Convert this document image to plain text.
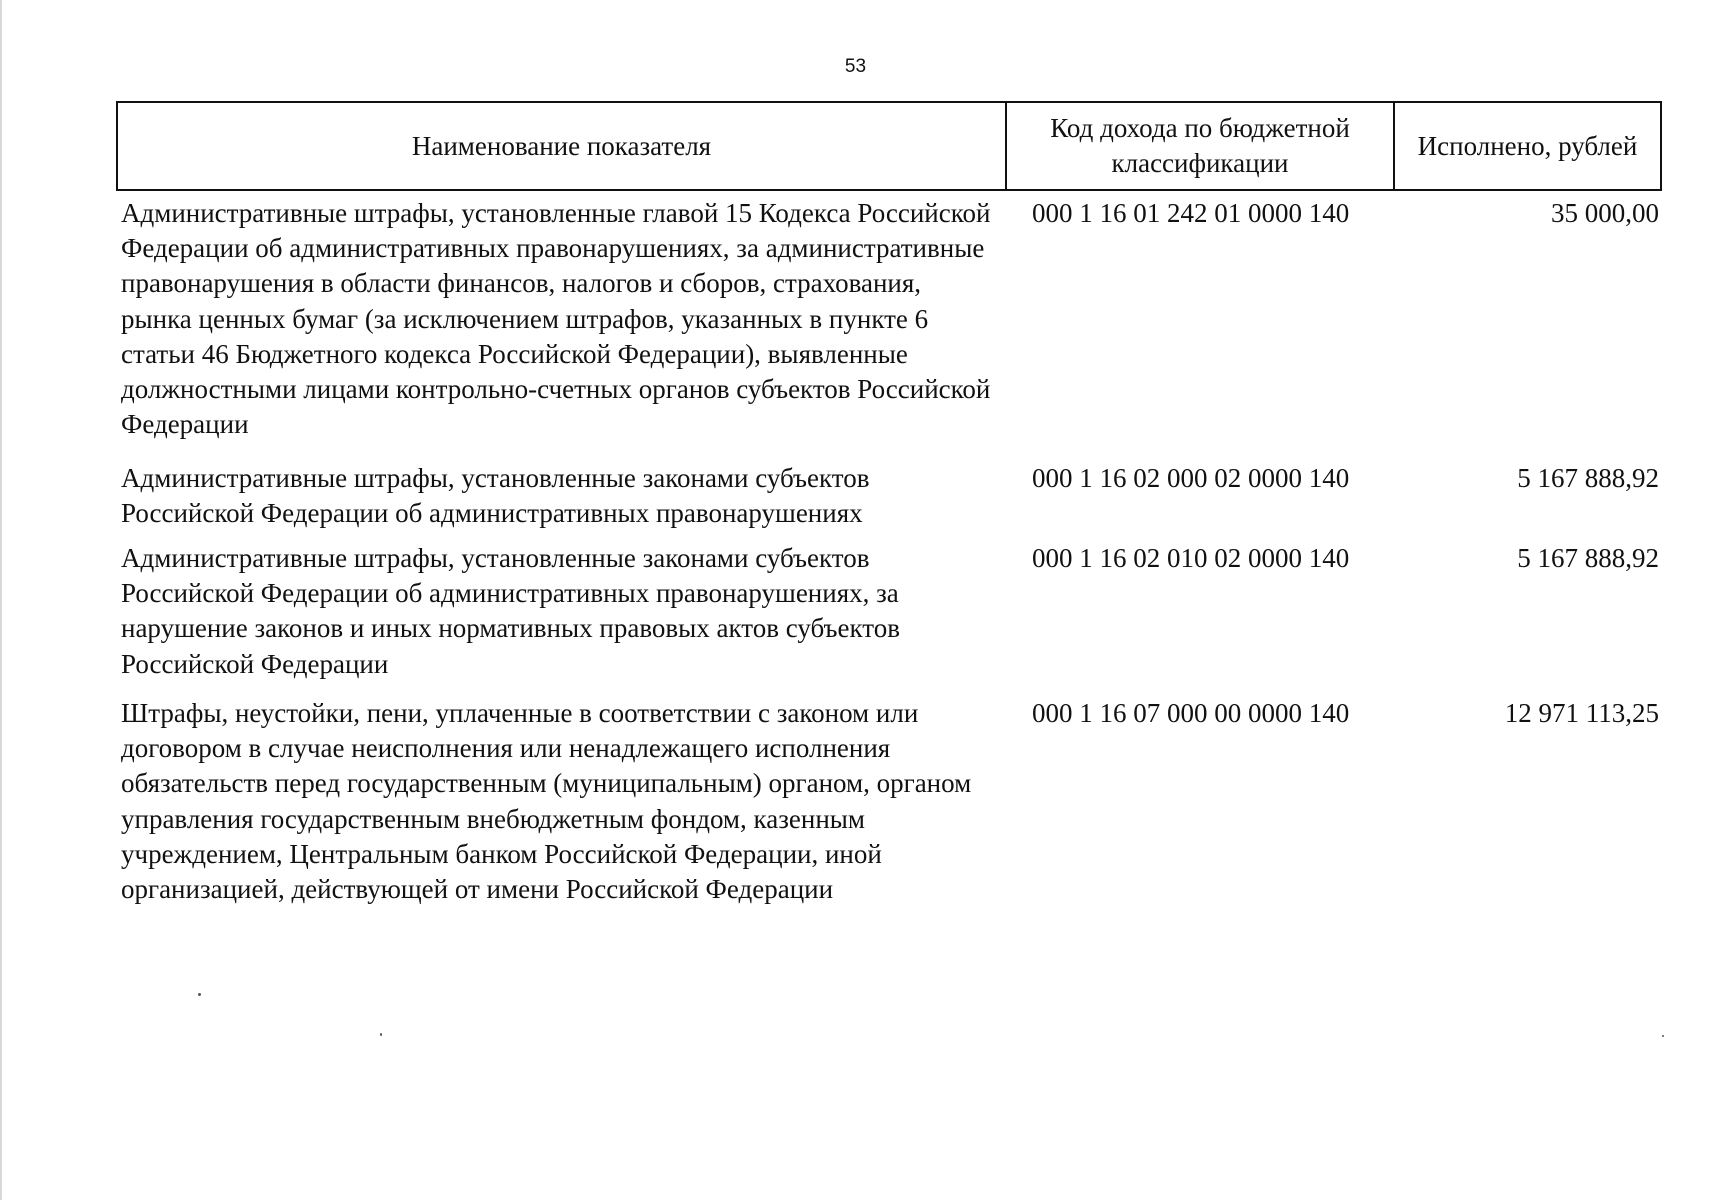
53
Наименование показателя	Код дохода по бюджетной классификации	Исполнено, рублей
Административные штрафы, установленные главой 15 Кодекса Российской Федерации об административных правонарушениях, за административные правонарушения в области финансов, налогов и сборов, страхования, рынка ценных бумаг (за исключением штрафов, указанных в пункте 6 статьи 46 Бюджетного кодекса Российской Федерации), выявленные должностными лицами контрольно-счетных органов субъектов Российской Федерации	000 1 16 01 242 01 0000 140	35 000,00
Административные штрафы, установленные законами субъектов Российской Федерации об административных правонарушениях	000 1 16 02 000 02 0000 140	5 167 888,92
Административные штрафы, установленные законами субъектов Российской Федерации об административных правонарушениях, за нарушение законов и иных нормативных правовых актов субъектов Российской Федерации	000 1 16 02 010 02 0000 140	5 167 888,92
Штрафы, неустойки, пени, уплаченные в соответствии с законом или договором в случае неисполнения или ненадлежащего исполнения обязательств перед государственным (муниципальным) органом, органом управления государственным внебюджетным фондом, казенным учреждением, Центральным банком Российской Федерации, иной организацией, действующей от имени Российской Федерации	000 1 16 07 000 00 0000 140	12 971 113,25
